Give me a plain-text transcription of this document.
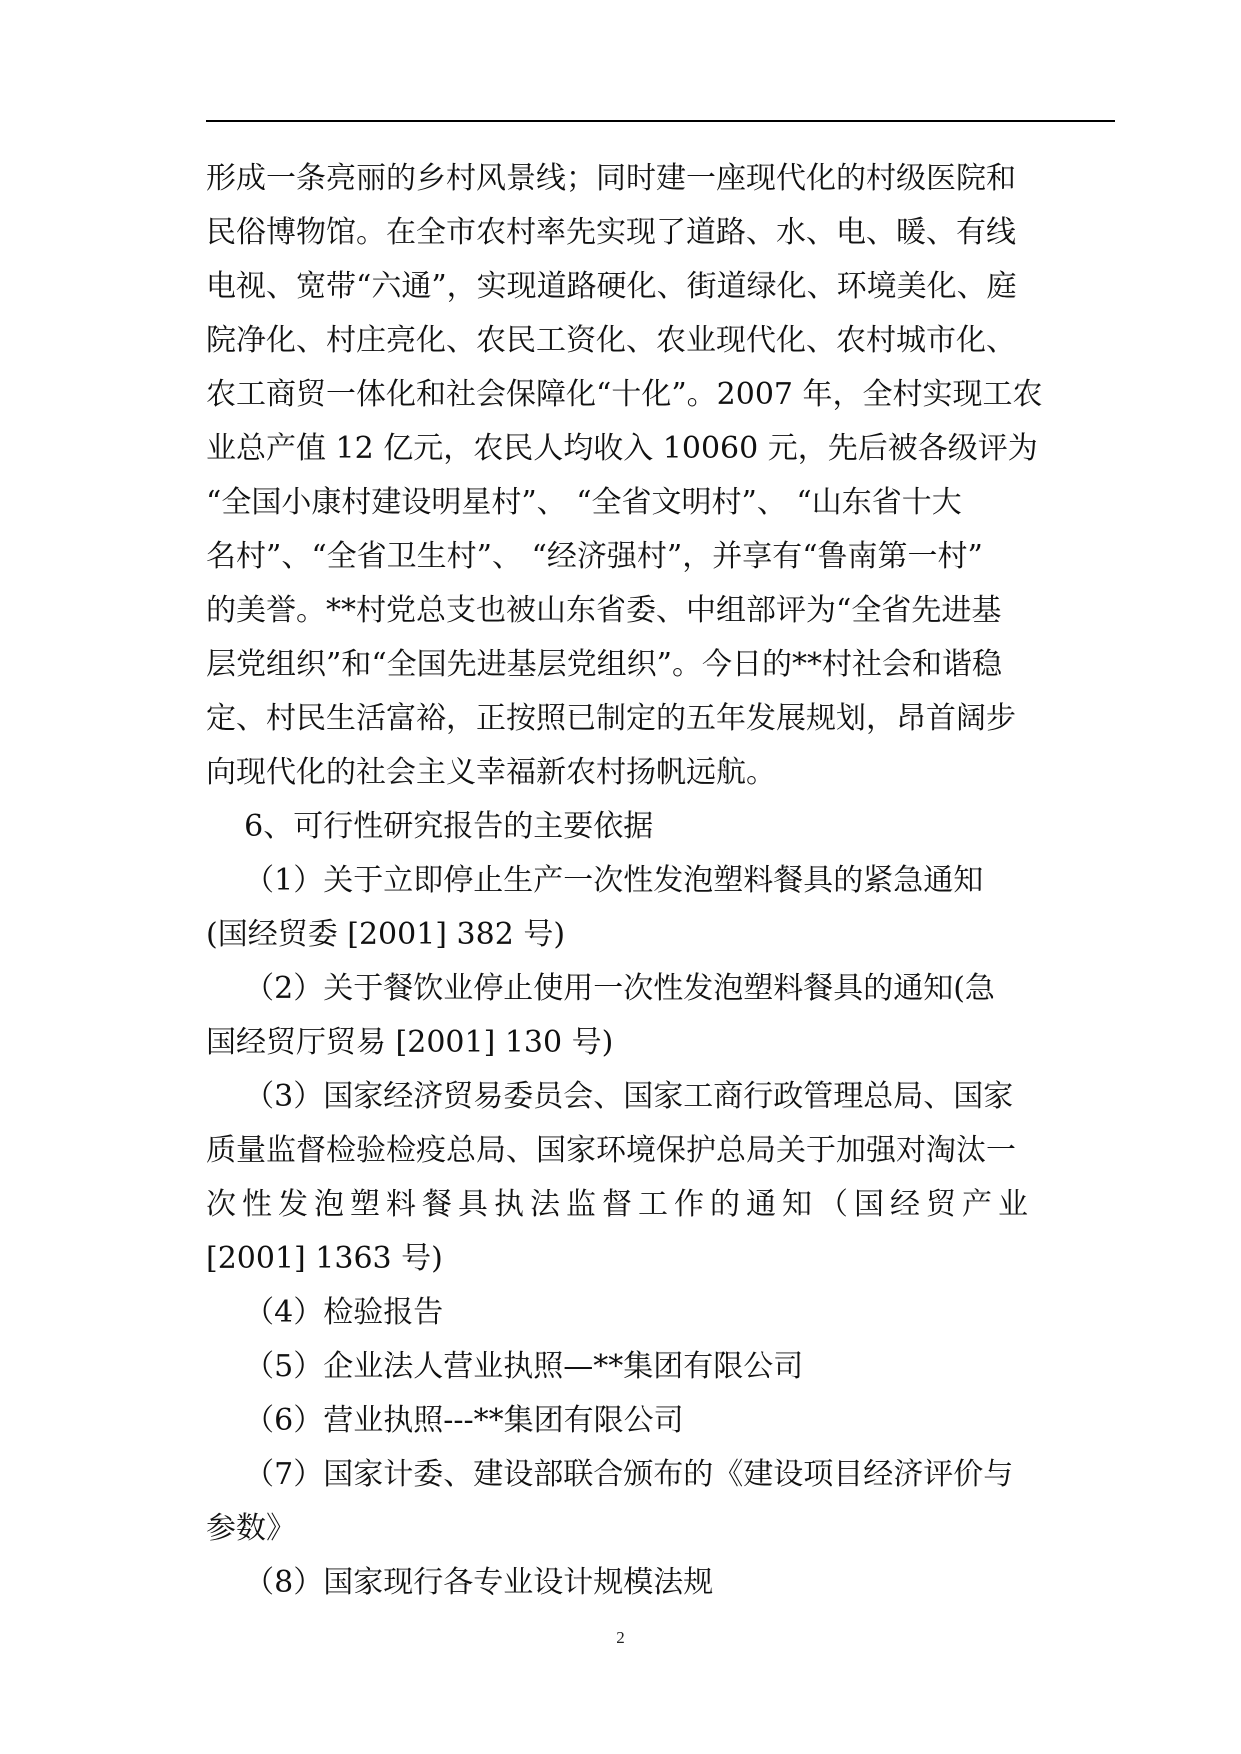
形成一条亮丽的乡村风景线；同时建一座现代化的村级医院和
民俗博物馆。在全市农村率先实现了道路、水、电、暖、有线
电视、宽带“六通”，实现道路硬化、街道绿化、环境美化、庭
院净化、村庄亮化、农民工资化、农业现代化、农村城市化、
农工商贸一体化和社会保障化“十化”。2007 年，全村实现工农
业总产值 12 亿元，农民人均收入 10060 元，先后被各级评为
“全国小康村建设明星村”、 “全省文明村”、 “山东省十大
名村”、“全省卫生村”、 “经济强村”，并享有“鲁南第一村”
的美誉。**村党总支也被山东省委、中组部评为“全省先进基
层党组织”和“全国先进基层党组织”。今日的**村社会和谐稳
定、村民生活富裕，正按照已制定的五年发展规划，昂首阔步
向现代化的社会主义幸福新农村扬帆远航。
6、可行性研究报告的主要依据
（1）关于立即停止生产一次性发泡塑料餐具的紧急通知
(国经贸委 [2001] 382 号)
（2）关于餐饮业停止使用一次性发泡塑料餐具的通知(急
国经贸厅贸易 [2001] 130 号)
（3）国家经济贸易委员会、国家工商行政管理总局、国家
质量监督检验检疫总局、国家环境保护总局关于加强对淘汰一
次性发泡塑料餐具执法监督工作的通知（国经贸产业
[2001] 1363 号)
（4）检验报告
（5）企业法人营业执照—**集团有限公司
（6）营业执照---**集团有限公司
（7）国家计委、建设部联合颁布的《建设项目经济评价与
参数》
（8）国家现行各专业设计规模法规
2
